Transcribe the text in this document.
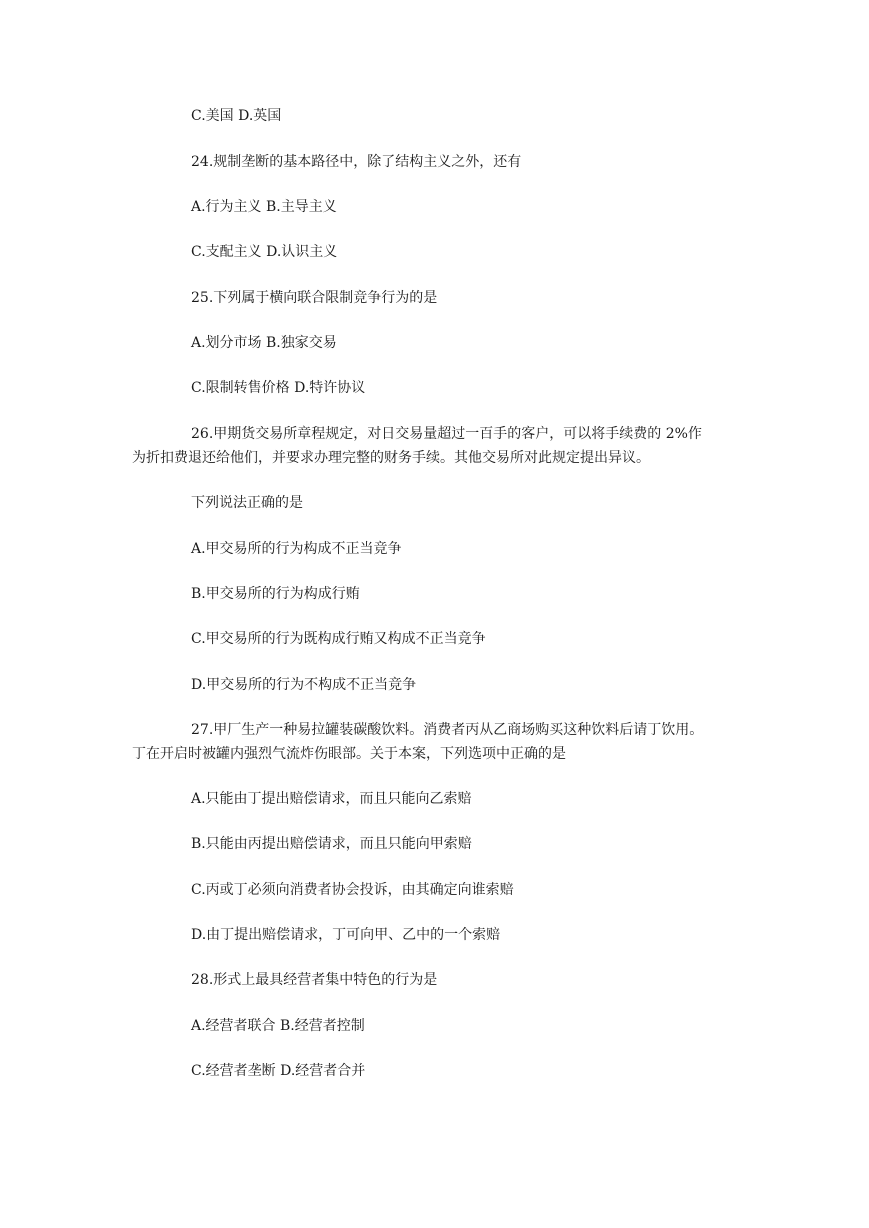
C.美国 D.英国

24.规制垄断的基本路径中，除了结构主义之外，还有

A.行为主义 B.主导主义

C.支配主义 D.认识主义

25.下列属于横向联合限制竞争行为的是

A.划分市场 B.独家交易

C.限制转售价格 D.特许协议

26.甲期货交易所章程规定，对日交易量超过一百手的客户，可以将手续费的 2%作

为折扣费退还给他们，并要求办理完整的财务手续。其他交易所对此规定提出异议。

下列说法正确的是

A.甲交易所的行为构成不正当竞争

B.甲交易所的行为构成行贿

C.甲交易所的行为既构成行贿又构成不正当竞争

D.甲交易所的行为不构成不正当竞争

27.甲厂生产一种易拉罐装碳酸饮料。消费者丙从乙商场购买这种饮料后请丁饮用。

丁在开启时被罐内强烈气流炸伤眼部。关于本案，下列选项中正确的是

A.只能由丁提出赔偿请求，而且只能向乙索赔

B.只能由丙提出赔偿请求，而且只能向甲索赔

C.丙或丁必须向消费者协会投诉，由其确定向谁索赔

D.由丁提出赔偿请求，丁可向甲、乙中的一个索赔

28.形式上最具经营者集中特色的行为是

A.经营者联合 B.经营者控制

C.经营者垄断 D.经营者合并
